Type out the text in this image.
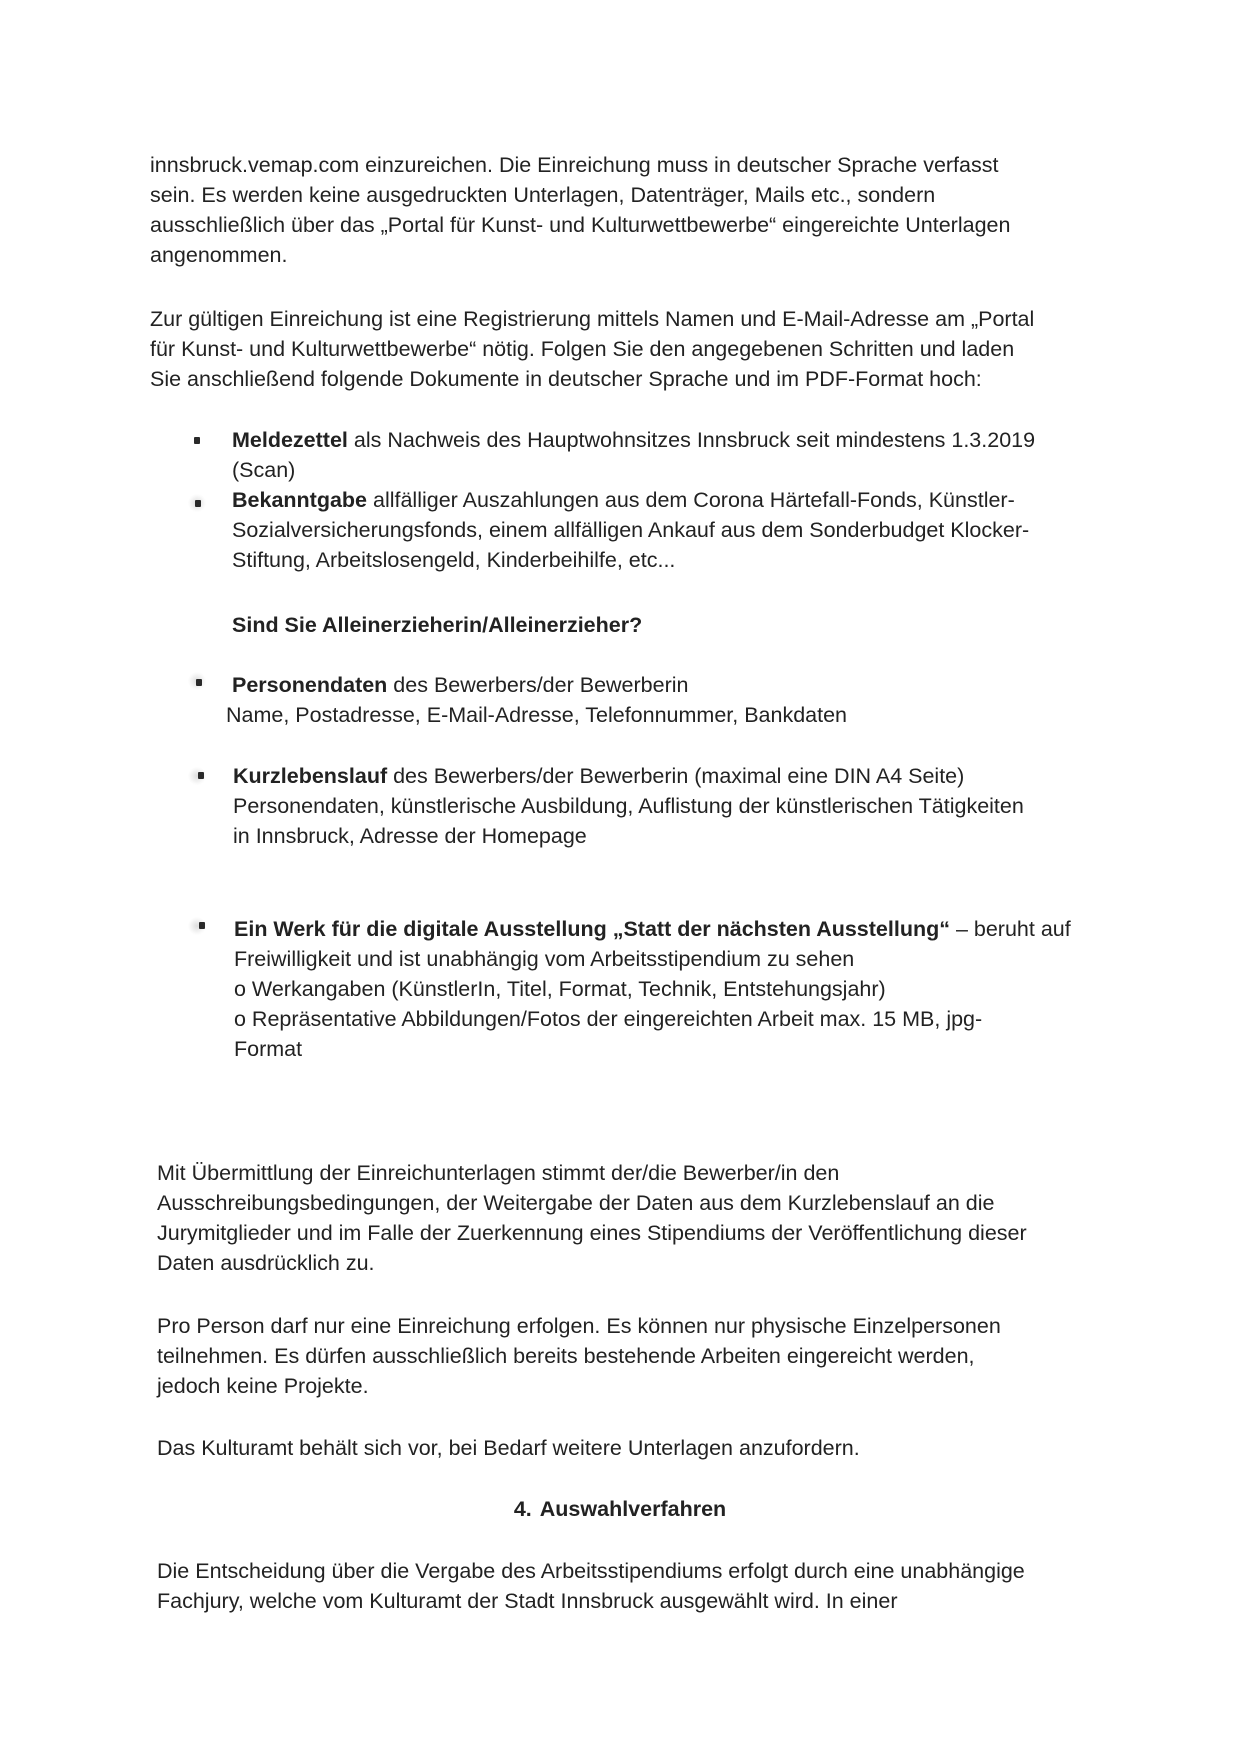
innsbruck.vemap.com einzureichen. Die Einreichung muss in deutscher Sprache verfasst
sein. Es werden keine ausgedruckten Unterlagen, Datenträger, Mails etc., sondern
ausschließlich über das „Portal für Kunst- und Kulturwettbewerbe“ eingereichte Unterlagen
angenommen.

Zur gültigen Einreichung ist eine Registrierung mittels Namen und E-Mail-Adresse am „Portal
für Kunst- und Kulturwettbewerbe“ nötig. Folgen Sie den angegebenen Schritten und laden
Sie anschließend folgende Dokumente in deutscher Sprache und im PDF-Format hoch:

Meldezettel als Nachweis des Hauptwohnsitzes Innsbruck seit mindestens 1.3.2019
(Scan)
Bekanntgabe allfälliger Auszahlungen aus dem Corona Härtefall-Fonds, Künstler-
Sozialversicherungsfonds, einem allfälligen Ankauf aus dem Sonderbudget Klocker-
Stiftung, Arbeitslosengeld, Kinderbeihilfe, etc...
Sind Sie Alleinerzieherin/Alleinerzieher?
Personendaten des Bewerbers/der Bewerberin
Name, Postadresse, E-Mail-Adresse, Telefonnummer, Bankdaten
Kurzlebenslauf des Bewerbers/der Bewerberin (maximal eine DIN A4 Seite)
Personendaten, künstlerische Ausbildung, Auflistung der künstlerischen Tätigkeiten
in Innsbruck, Adresse der Homepage
Ein Werk für die digitale Ausstellung „Statt der nächsten Ausstellung“ – beruht auf
Freiwilligkeit und ist unabhängig vom Arbeitsstipendium zu sehen
o Werkangaben (KünstlerIn, Titel, Format, Technik, Entstehungsjahr)
o Repräsentative Abbildungen/Fotos der eingereichten Arbeit max. 15 MB, jpg-
Format

Mit Übermittlung der Einreichunterlagen stimmt der/die Bewerber/in den
Ausschreibungsbedingungen, der Weitergabe der Daten aus dem Kurzlebenslauf an die
Jurymitglieder und im Falle der Zuerkennung eines Stipendiums der Veröffentlichung dieser
Daten ausdrücklich zu.

Pro Person darf nur eine Einreichung erfolgen. Es können nur physische Einzelpersonen
teilnehmen. Es dürfen ausschließlich bereits bestehende Arbeiten eingereicht werden,
jedoch keine Projekte.

Das Kulturamt behält sich vor, bei Bedarf weitere Unterlagen anzufordern.

4. Auswahlverfahren

Die Entscheidung über die Vergabe des Arbeitsstipendiums erfolgt durch eine unabhängige
Fachjury, welche vom Kulturamt der Stadt Innsbruck ausgewählt wird. In einer
